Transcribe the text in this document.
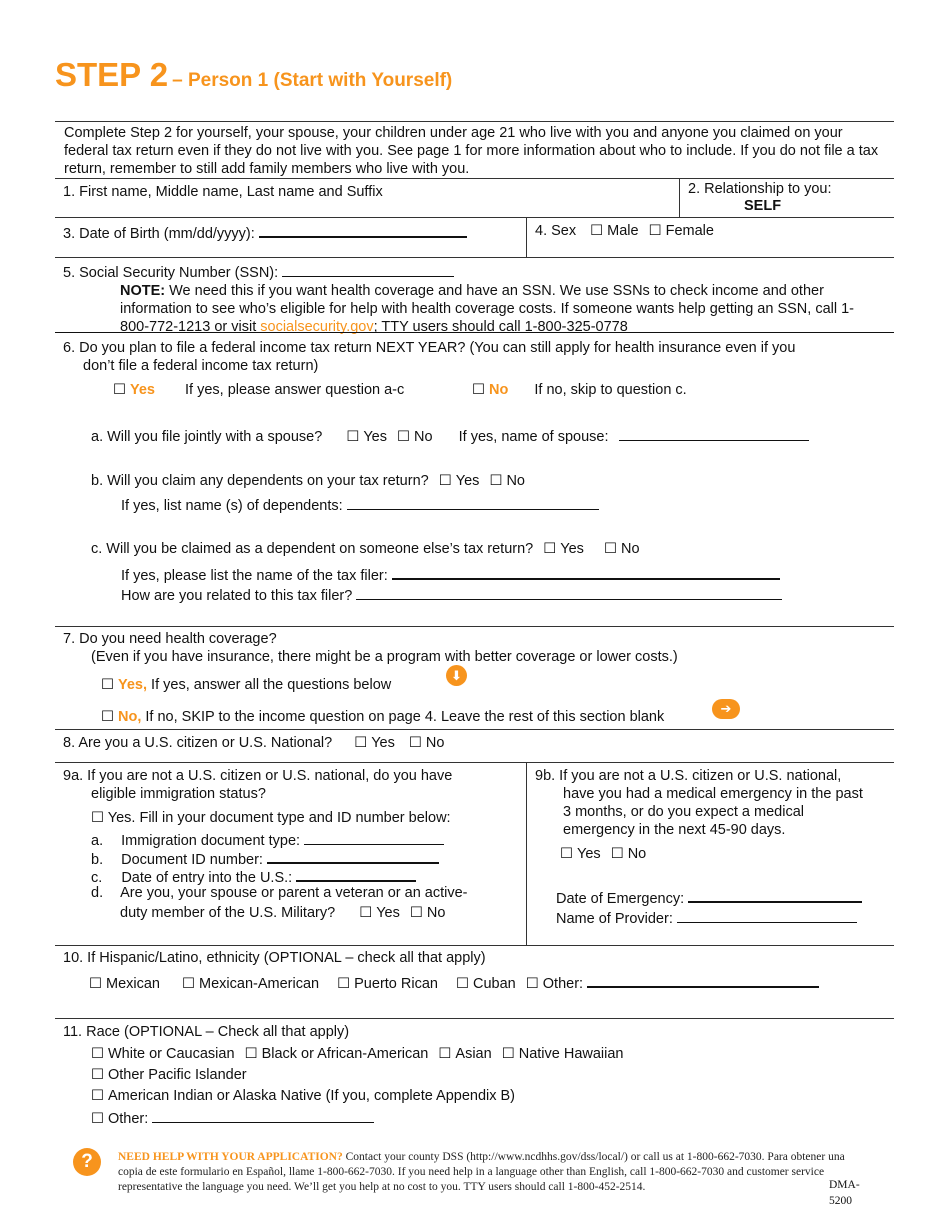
STEP 2 – Person 1 (Start with Yourself)
Complete Step 2 for yourself, your spouse, your children under age 21 who live with you and anyone you claimed on your federal tax return even if they do not live with you. See page 1 for more information about who to include. If you do not file a tax return, remember to still add family members who live with you.
1. First name, Middle name, Last name and Suffix	2. Relationship to you:
SELF
3. Date of Birth (mm/dd/yyyy):	4. Sex ☐ Male ☐ Female
5. Social Security Number (SSN):
NOTE: We need this if you want health coverage and have an SSN. We use SSNs to check income and other information to see who’s eligible for help with health coverage costs. If someone wants help getting an SSN, call 1-800-772-1213 or visit socialsecurity.gov; TTY users should call 1-800-325-0778
6. Do you plan to file a federal income tax return NEXT YEAR? (You can still apply for health insurance even if you
don’t file a federal income tax return)
☐ Yes If yes, please answer question a-c	☐ No If no, skip to question c.
a. Will you file jointly with a spouse? ☐ Yes ☐ No If yes, name of spouse:
b. Will you claim any dependents on your tax return? ☐ Yes ☐ No
If yes, list name (s) of dependents:
c. Will you be claimed as a dependent on someone else’s tax return? ☐ Yes ☐ No
If yes, please list the name of the tax filer:
How are you related to this tax filer?
7. Do you need health coverage?
(Even if you have insurance, there might be a program with better coverage or lower costs.)
☐ Yes, If yes, answer all the questions below
⬇
☐ No, If no, SKIP to the income question on page 4. Leave the rest of this section blank
➔
8. Are you a U.S. citizen or U.S. National? ☐ Yes ☐ No
9a. If you are not a U.S. citizen or U.S. national, do you have
eligible immigration status?
☐ Yes. Fill in your document type and ID number below:
a. Immigration document type:
b. Document ID number:
c. Date of entry into the U.S.:
d. Are you, your spouse or parent a veteran or an active-
duty member of the U.S. Military? ☐ Yes ☐ No
9b. If you are not a U.S. citizen or U.S. national,
have you had a medical emergency in the past
3 months, or do you expect a medical
emergency in the next 45-90 days.
☐ Yes ☐ No
Date of Emergency:
Name of Provider:
10. If Hispanic/Latino, ethnicity (OPTIONAL – check all that apply)
☐ Mexican ☐ Mexican-American ☐ Puerto Rican ☐ Cuban ☐ Other:
11. Race (OPTIONAL – Check all that apply)
☐ White or Caucasian ☐ Black or African-American ☐ Asian ☐ Native Hawaiian
☐ Other Pacific Islander
☐ American Indian or Alaska Native (If you, complete Appendix B)
☐ Other:
?	NEED HELP WITH YOUR APPLICATION? Contact your county DSS (http://www.ncdhhs.gov/dss/local/) or call us at 1-800-662-7030. Para obtener una copia de este formulario en Español, llame 1-800-662-7030. If you need help in a language other than English, call 1-800-662-7030 and customer service representative the language you need. We’ll get you help at no cost to you. TTY users should call 1-800-452-2514.	DMA-
5200
